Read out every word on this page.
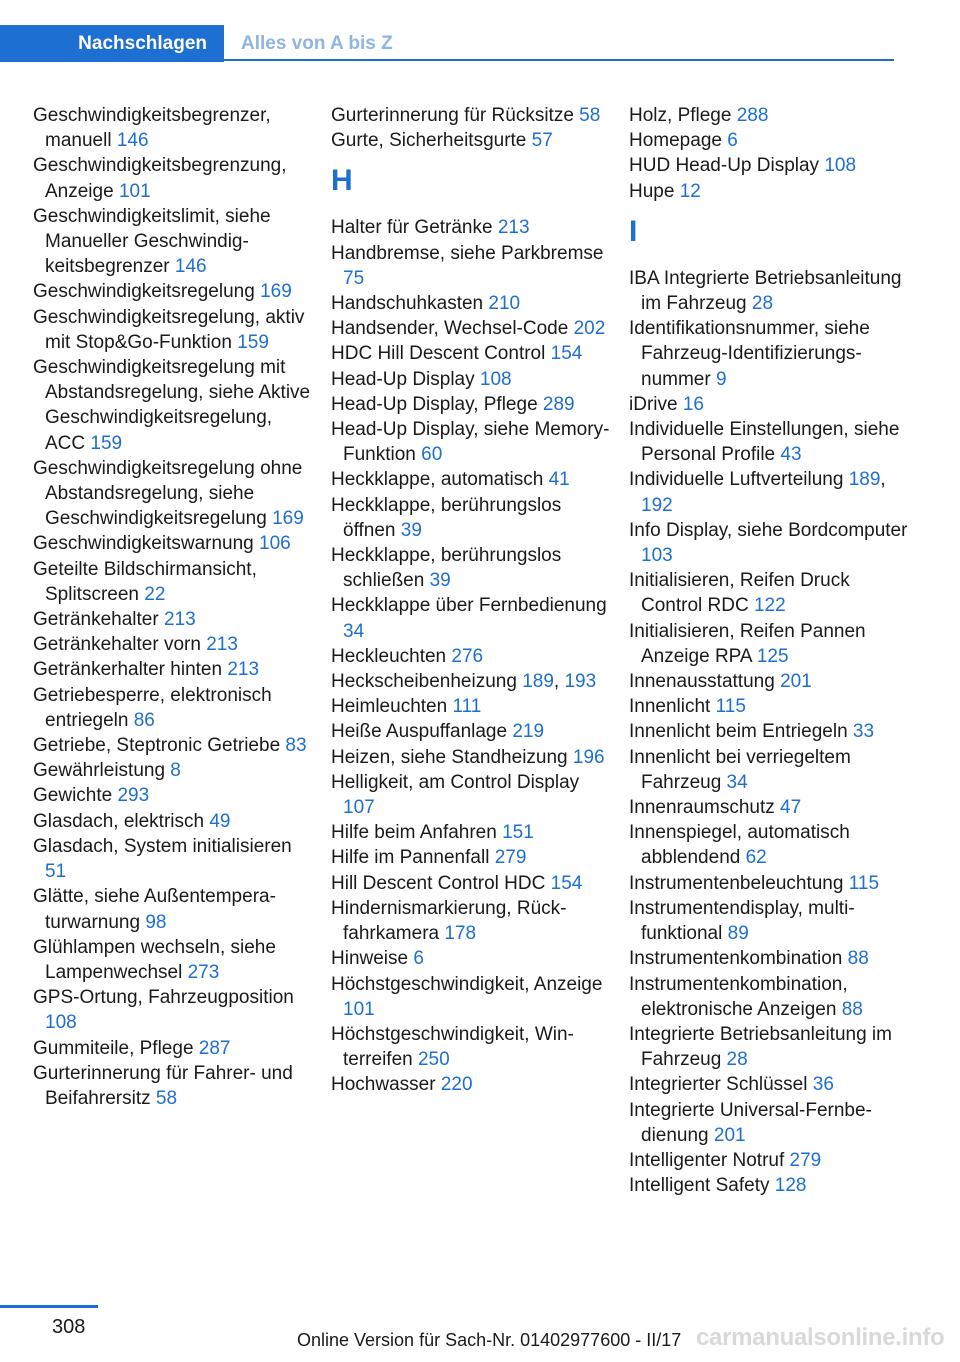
Nachschlagen	Alles von A bis Z
Geschwindigkeitsbegrenzer, manuell 146
Geschwindigkeitsbegrenzung, Anzeige 101
Geschwindigkeitslimit, siehe Manueller Geschwindigkeitsbegrenzer 146
Geschwindigkeitsregelung 169
Geschwindigkeitsregelung, aktiv mit Stop&Go-Funktion 159
Geschwindigkeitsregelung mit Abstandsregelung, siehe Aktive Geschwindigkeitsregelung, ACC 159
Geschwindigkeitsregelung ohne Abstandsregelung, siehe Geschwindigkeitsregelung 169
Geschwindigkeitswarnung 106
Geteilte Bildschirmansicht, Splitscreen 22
Getränkehalter 213
Getränkehalter vorn 213
Getränkerhalter hinten 213
Getriebesperre, elektronisch entriegeln 86
Getriebe, Steptronic Getriebe 83
Gewährleistung 8
Gewichte 293
Glasdach, elektrisch 49
Glasdach, System initialisieren 51
Glätte, siehe Außentemperaturwarnung 98
Glühlampen wechseln, siehe Lampenwechsel 273
GPS-Ortung, Fahrzeugposition 108
Gummiteile, Pflege 287
Gurterinnerung für Fahrer- und Beifahrersitz 58
Gurterinnerung für Rücksitze 58
Gurte, Sicherheitsgurte 57
H
Halter für Getränke 213
Handbremse, siehe Parkbremse 75
Handschuhkasten 210
Handsender, Wechsel-Code 202
HDC Hill Descent Control 154
Head-Up Display 108
Head-Up Display, Pflege 289
Head-Up Display, siehe Memory-Funktion 60
Heckklappe, automatisch 41
Heckklappe, berührungslos öffnen 39
Heckklappe, berührungslos schließen 39
Heckklappe über Fernbedienung 34
Heckleuchten 276
Heckscheibenheizung 189, 193
Heimleuchten 111
Heiße Auspuffanlage 219
Heizen, siehe Standheizung 196
Helligkeit, am Control Display 107
Hilfe beim Anfahren 151
Hilfe im Pannenfall 279
Hill Descent Control HDC 154
Hindernismarkierung, Rückfahrkamera 178
Hinweise 6
Höchstgeschwindigkeit, Anzeige 101
Höchstgeschwindigkeit, Winterreifen 250
Hochwasser 220
Holz, Pflege 288
Homepage 6
HUD Head-Up Display 108
Hupe 12
I
IBA Integrierte Betriebsanleitung im Fahrzeug 28
Identifikationsnummer, siehe Fahrzeug-Identifizierungsnummer 9
iDrive 16
Individuelle Einstellungen, siehe Personal Profile 43
Individuelle Luftverteilung 189, 192
Info Display, siehe Bordcomputer 103
Initialisieren, Reifen Druck Control RDC 122
Initialisieren, Reifen Pannen Anzeige RPA 125
Innenausstattung 201
Innenlicht 115
Innenlicht beim Entriegeln 33
Innenlicht bei verriegeltem Fahrzeug 34
Innenraumschutz 47
Innenspiegel, automatisch abblendend 62
Instrumentenbeleuchtung 115
Instrumentendisplay, multifunktional 89
Instrumentenkombination 88
Instrumentenkombination, elektronische Anzeigen 88
Integrierte Betriebsanleitung im Fahrzeug 28
Integrierter Schlüssel 36
Integrierte Universal-Fernbedienung 201
Intelligenter Notruf 279
Intelligent Safety 128
308
Online Version für Sach-Nr. 01402977600 - II/17 carmanualsonline.info
